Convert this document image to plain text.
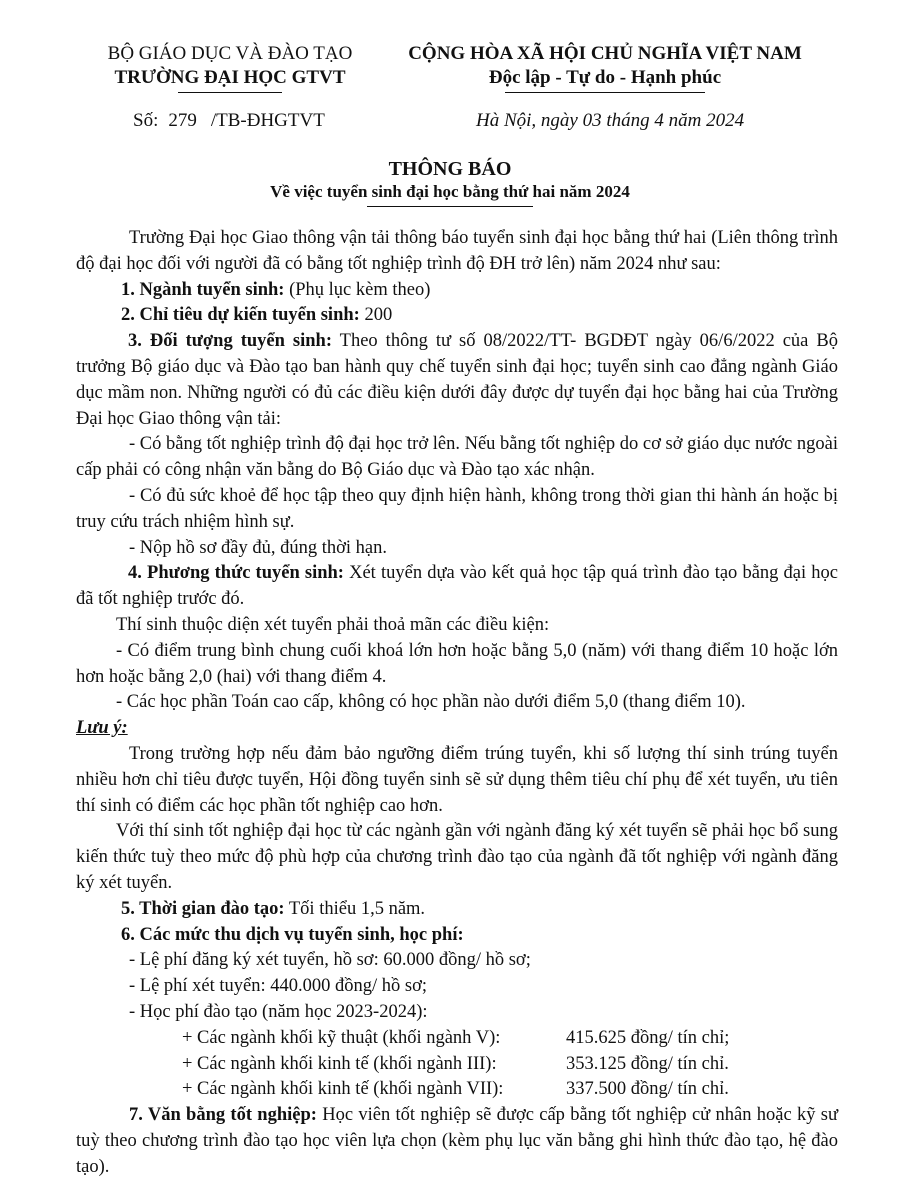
BỘ GIÁO DỤC VÀ ĐÀO TẠO
TRƯỜNG ĐẠI HỌC GTVT
CỘNG HÒA XÃ HỘI CHỦ NGHĨA VIỆT NAM
Độc lập - Tự do - Hạnh phúc
Số: 279 /TB-ĐHGTVT	Hà Nội, ngày 03 tháng 4 năm 2024
THÔNG BÁO
Về việc tuyển sinh đại học bằng thứ hai năm 2024

Trường Đại học Giao thông vận tải thông báo tuyển sinh đại học bằng thứ hai (Liên thông trình độ đại học đối với người đã có bằng tốt nghiệp trình độ ĐH trở lên) năm 2024 như sau:

1. Ngành tuyển sinh: (Phụ lục kèm theo)

2. Chỉ tiêu dự kiến tuyển sinh: 200

3. Đối tượng tuyển sinh: Theo thông tư số 08/2022/TT- BGDĐT ngày 06/6/2022 của Bộ trưởng Bộ giáo dục và Đào tạo ban hành quy chế tuyển sinh đại học; tuyển sinh cao đẳng ngành Giáo dục mầm non. Những người có đủ các điều kiện dưới đây được dự tuyển đại học bằng hai của Trường Đại học Giao thông vận tải:

- Có bằng tốt nghiệp trình độ đại học trở lên. Nếu bằng tốt nghiệp do cơ sở giáo dục nước ngoài cấp phải có công nhận văn bằng do Bộ Giáo dục và Đào tạo xác nhận.

- Có đủ sức khoẻ để học tập theo quy định hiện hành, không trong thời gian thi hành án hoặc bị truy cứu trách nhiệm hình sự.

- Nộp hồ sơ đầy đủ, đúng thời hạn.

4. Phương thức tuyển sinh: Xét tuyển dựa vào kết quả học tập quá trình đào tạo bằng đại học đã tốt nghiệp trước đó.

Thí sinh thuộc diện xét tuyển phải thoả mãn các điều kiện:

- Có điểm trung bình chung cuối khoá lớn hơn hoặc bằng 5,0 (năm) với thang điểm 10 hoặc lớn hơn hoặc bằng 2,0 (hai) với thang điểm 4.

- Các học phần Toán cao cấp, không có học phần nào dưới điểm 5,0 (thang điểm 10).

Lưu ý:

Trong trường hợp nếu đảm bảo ngưỡng điểm trúng tuyển, khi số lượng thí sinh trúng tuyển nhiều hơn chỉ tiêu được tuyển, Hội đồng tuyển sinh sẽ sử dụng thêm tiêu chí phụ để xét tuyển, ưu tiên thí sinh có điểm các học phần tốt nghiệp cao hơn.

Với thí sinh tốt nghiệp đại học từ các ngành gần với ngành đăng ký xét tuyển sẽ phải học bổ sung kiến thức tuỳ theo mức độ phù hợp của chương trình đào tạo của ngành đã tốt nghiệp với ngành đăng ký xét tuyển.

5. Thời gian đào tạo: Tối thiểu 1,5 năm.

6. Các mức thu dịch vụ tuyển sinh, học phí:

- Lệ phí đăng ký xét tuyển, hồ sơ: 60.000 đồng/ hồ sơ;

- Lệ phí xét tuyển: 440.000 đồng/ hồ sơ;

- Học phí đào tạo (năm học 2023-2024):

+ Các ngành khối kỹ thuật (khối ngành V):	415.625 đồng/ tín chỉ;
+ Các ngành khối kinh tế (khối ngành III):	353.125 đồng/ tín chỉ.
+ Các ngành khối kinh tế (khối ngành VII):	337.500 đồng/ tín chỉ.

7. Văn bằng tốt nghiệp: Học viên tốt nghiệp sẽ được cấp bằng tốt nghiệp cử nhân hoặc kỹ sư tuỳ theo chương trình đào tạo học viên lựa chọn (kèm phụ lục văn bằng ghi hình thức đào tạo, hệ đào tạo).
